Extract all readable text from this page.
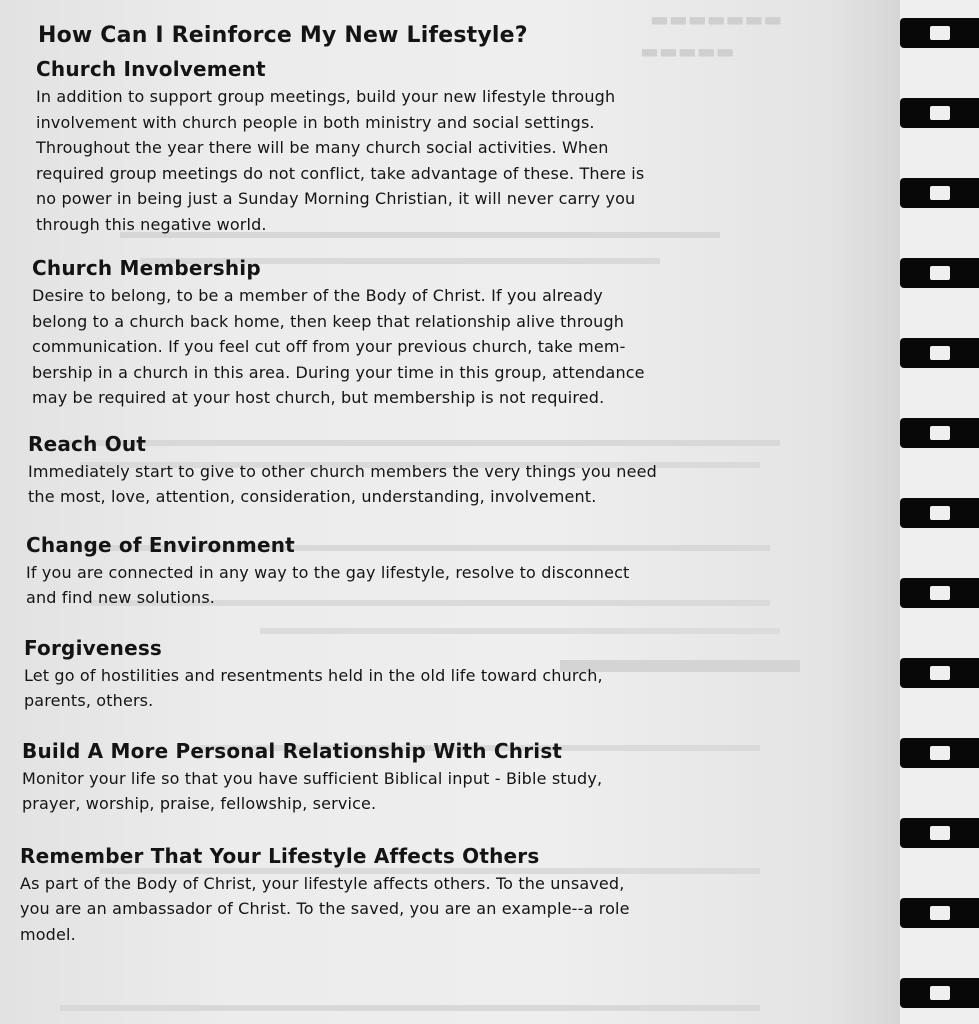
▬▬▬▬▬▬▬
▬▬▬▬▬
How Can I Reinforce My New Lifestyle?
Church Involvement

In addition to support group meetings, build your new lifestyle through
involvement with church people in both ministry and social settings.
Throughout the year there will be many church social activities. When
required group meetings do not conflict, take advantage of these. There is
no power in being just a Sunday Morning Christian, it will never carry you
through this negative world.

Church Membership

Desire to belong, to be a member of the Body of Christ. If you already
belong to a church back home, then keep that relationship alive through
communication. If you feel cut off from your previous church, take mem-
bership in a church in this area. During your time in this group, attendance
may be required at your host church, but membership is not required.

Reach Out

Immediately start to give to other church members the very things you need
the most, love, attention, consideration, understanding, involvement.

Change of Environment

If you are connected in any way to the gay lifestyle, resolve to disconnect
and find new solutions.

Forgiveness

Let go of hostilities and resentments held in the old life toward church,
parents, others.

Build A More Personal Relationship With Christ

Monitor your life so that you have sufficient Biblical input - Bible study,
prayer, worship, praise, fellowship, service.

Remember That Your Lifestyle Affects Others

As part of the Body of Christ, your lifestyle affects others. To the unsaved,
you are an ambassador of Christ. To the saved, you are an example--a role
model.
